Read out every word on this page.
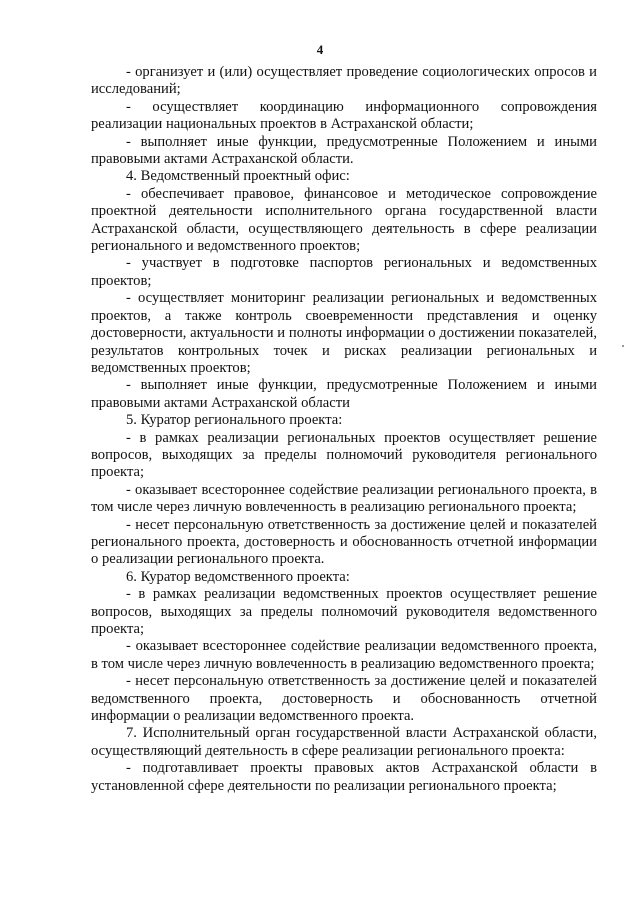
4

- организует и (или) осуществляет проведение социологических опросов и исследований;

- осуществляет координацию информационного сопровождения реализации национальных проектов в Астраханской области;

- выполняет иные функции, предусмотренные Положением и иными правовыми актами Астраханской области.

4. Ведомственный проектный офис:

- обеспечивает правовое, финансовое и методическое сопровождение проектной деятельности исполнительного органа государственной власти Астраханской области, осуществляющего деятельность в сфере реализации регионального и ведомственного проектов;

- участвует в подготовке паспортов региональных и ведомственных проектов;

- осуществляет мониторинг реализации региональных и ведомственных проектов, а также контроль своевременности представления и оценку достоверности, актуальности и полноты информации о достижении показателей, результатов контрольных точек и рисках реализации региональных и ведомственных проектов;

- выполняет иные функции, предусмотренные Положением и иными правовыми актами Астраханской области

5. Куратор регионального проекта:

- в рамках реализации региональных проектов осуществляет решение вопросов, выходящих за пределы полномочий руководителя регионального проекта;

- оказывает всестороннее содействие реализации регионального проекта, в том числе через личную вовлеченность в реализацию регионального проекта;

- несет персональную ответственность за достижение целей и показателей регионального проекта, достоверность и обоснованность отчетной информации о реализации регионального проекта.

6. Куратор ведомственного проекта:

- в рамках реализации ведомственных проектов осуществляет решение вопросов, выходящих за пределы полномочий руководителя ведомственного проекта;

- оказывает всестороннее содействие реализации ведомственного проекта, в том числе через личную вовлеченность в реализацию ведомственного проекта;

- несет персональную ответственность за достижение целей и показателей ведомственного проекта, достоверность и обоснованность отчетной информации о реализации ведомственного проекта.

7. Исполнительный орган государственной власти Астраханской области, осуществляющий деятельность в сфере реализации регионального проекта:

- подготавливает проекты правовых актов Астраханской области в установленной сфере деятельности по реализации регионального проекта;
